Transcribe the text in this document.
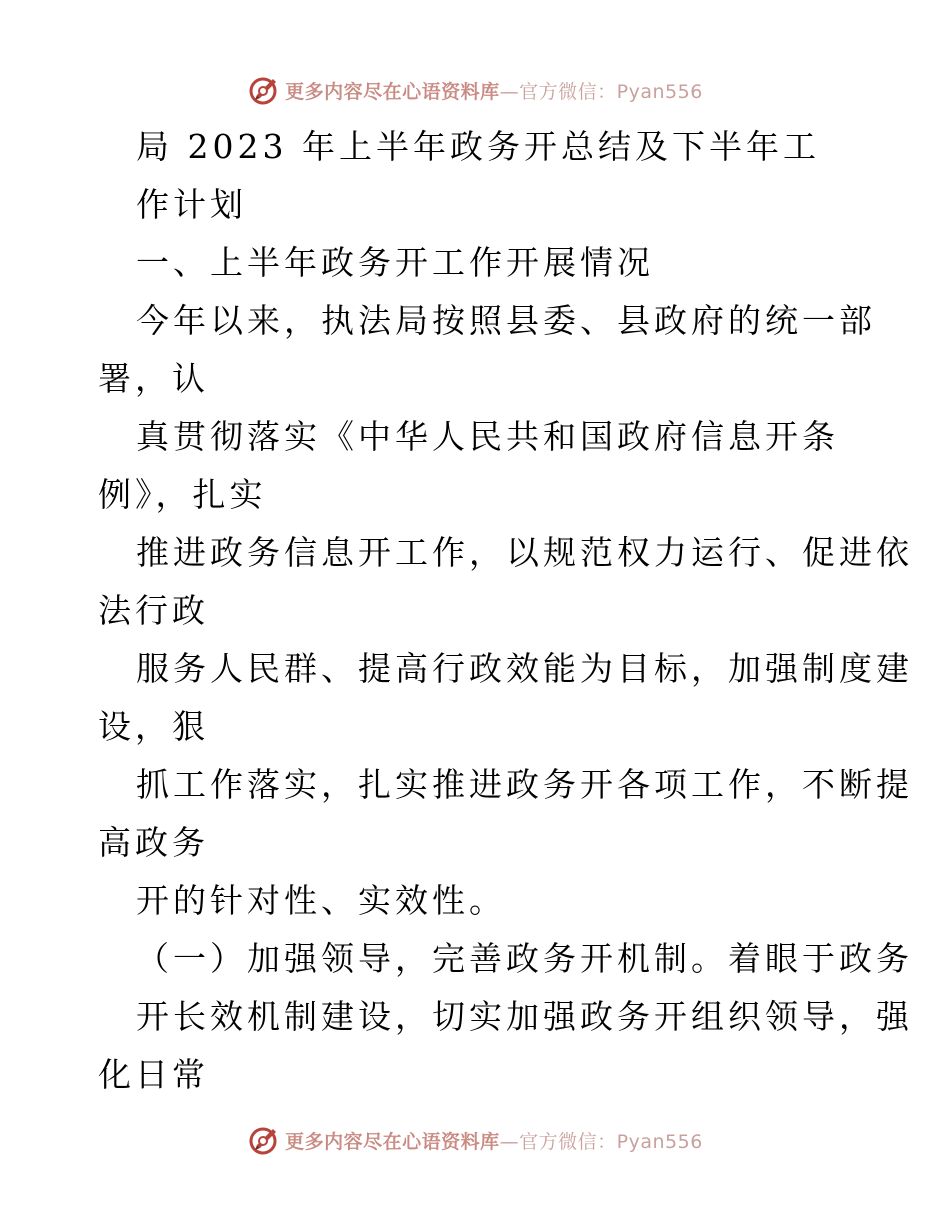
更多内容尽在心语资料库—官方微信：Pyan556
局 2023 年上半年政务开总结及下半年工
作计划
一、上半年政务开工作开展情况
今年以来，执法局按照县委、县政府的统一部
署，认
真贯彻落实《中华人民共和国政府信息开条
例》，扎实
推进政务信息开工作，以规范权力运行、促进依
法行政
服务人民群、提高行政效能为目标，加强制度建
设，狠
抓工作落实，扎实推进政务开各项工作，不断提
高政务
开的针对性、实效性。
（一）加强领导，完善政务开机制。着眼于政务
开长效机制建设，切实加强政务开组织领导，强
化日常
更多内容尽在心语资料库—官方微信：Pyan556
